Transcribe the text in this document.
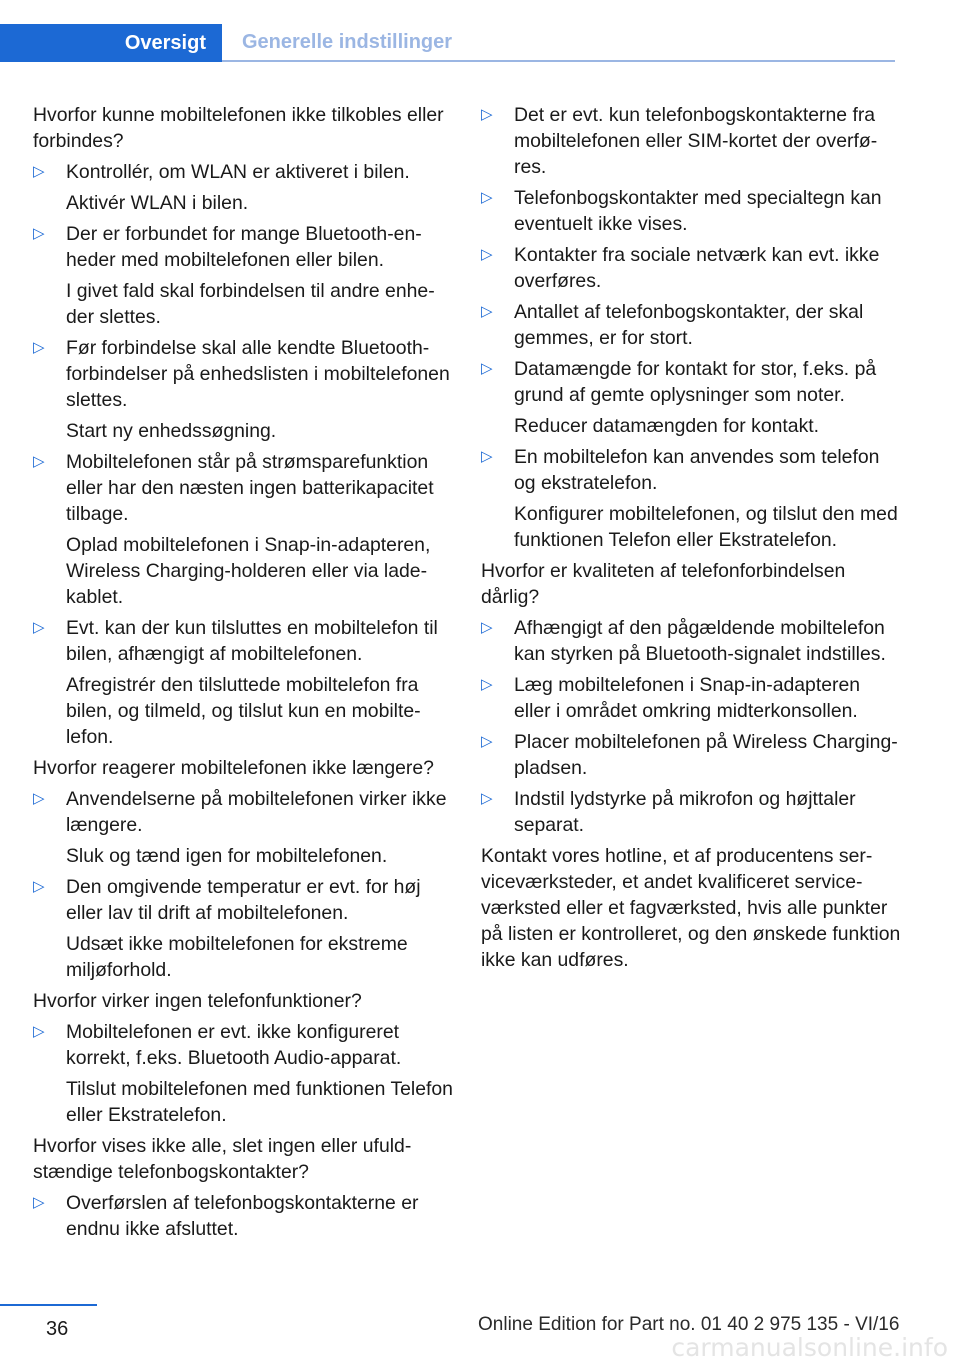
Oversigt	Generelle indstillinger

Hvorfor kunne mobiltelefonen ikke tilkobles eller forbindes?

▷ Kontrollér, om WLAN er aktiveret i bilen.
Aktivér WLAN i bilen.
▷ Der er forbundet for mange Bluetooth-enheder med mobiltelefonen eller bilen.
I givet fald skal forbindelsen til andre enheder slettes.
▷ Før forbindelse skal alle kendte Bluetooth-forbindelser på enhedslisten i mobiltelefonen slettes.
Start ny enhedssøgning.
▷ Mobiltelefonen står på strømsparefunktion eller har den næsten ingen batterikapacitet tilbage.
Oplad mobiltelefonen i Snap-in-adapteren, Wireless Charging-holderen eller via ladekablet.
▷ Evt. kan der kun tilsluttes en mobiltelefon til bilen, afhængigt af mobiltelefonen.
Afregistrér den tilsluttede mobiltelefon fra bilen, og tilmeld, og tilslut kun en mobiltelefon.

Hvorfor reagerer mobiltelefonen ikke længere?

▷ Anvendelserne på mobiltelefonen virker ikke længere.
Sluk og tænd igen for mobiltelefonen.
▷ Den omgivende temperatur er evt. for høj eller lav til drift af mobiltelefonen.
Udsæt ikke mobiltelefonen for ekstreme miljøforhold.

Hvorfor virker ingen telefonfunktioner?

▷ Mobiltelefonen er evt. ikke konfigureret korrekt, f.eks. Bluetooth Audio-apparat.
Tilslut mobiltelefonen med funktionen Telefon eller Ekstratelefon.

Hvorfor vises ikke alle, slet ingen eller ufuldstændige telefonbogskontakter?

▷ Overførslen af telefonbogskontakterne er endnu ikke afsluttet.
▷ Det er evt. kun telefonbogskontakterne fra mobiltelefonen eller SIM-kortet der overføres.
▷ Telefonbogskontakter med specialtegn kan eventuelt ikke vises.
▷ Kontakter fra sociale netværk kan evt. ikke overføres.
▷ Antallet af telefonbogskontakter, der skal gemmes, er for stort.
▷ Datamængde for kontakt for stor, f.eks. på grund af gemte oplysninger som noter.
Reducer datamængden for kontakt.
▷ En mobiltelefon kan anvendes som telefon og ekstratelefon.
Konfigurer mobiltelefonen, og tilslut den med funktionen Telefon eller Ekstratelefon.

Hvorfor er kvaliteten af telefonforbindelsen dårlig?

▷ Afhængigt af den pågældende mobiltelefon kan styrken på Bluetooth-signalet indstilles.
▷ Læg mobiltelefonen i Snap-in-adapteren eller i området omkring midterkonsollen.
▷ Placer mobiltelefonen på Wireless Charging-pladsen.
▷ Indstil lydstyrke på mikrofon og højttaler separat.

Kontakt vores hotline, et af producentens serviceværksteder, et andet kvalificeret serviceværksted eller et fagværksted, hvis alle punkter på listen er kontrolleret, og den ønskede funktion ikke kan udføres.

36	Online Edition for Part no. 01 40 2 975 135 - VI/16
carmanualsonline.info
